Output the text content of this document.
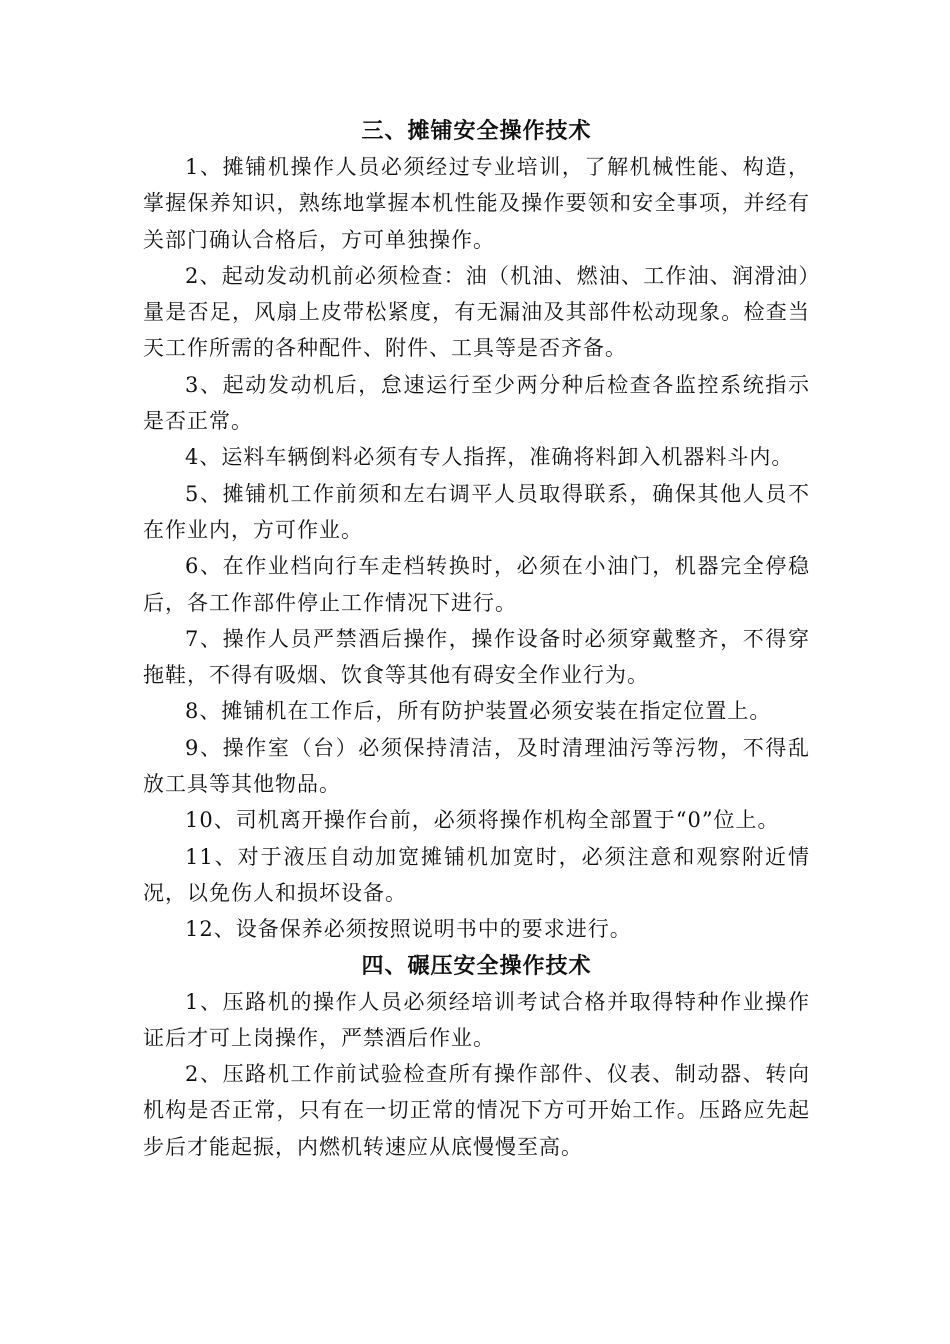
三、摊铺安全操作技术

1、摊铺机操作人员必须经过专业培训，了解机械性能、构造，掌握保养知识，熟练地掌握本机性能及操作要领和安全事项，并经有关部门确认合格后，方可单独操作。

2、起动发动机前必须检查：油（机油、燃油、工作油、润滑油）量是否足，风扇上皮带松紧度，有无漏油及其部件松动现象。检查当天工作所需的各种配件、附件、工具等是否齐备。

3、起动发动机后，怠速运行至少两分种后检查各监控系统指示是否正常。

4、运料车辆倒料必须有专人指挥，准确将料卸入机器料斗内。

5、摊铺机工作前须和左右调平人员取得联系，确保其他人员不在作业内，方可作业。

6、在作业档向行车走档转换时，必须在小油门，机器完全停稳后，各工作部件停止工作情况下进行。

7、操作人员严禁酒后操作，操作设备时必须穿戴整齐，不得穿拖鞋，不得有吸烟、饮食等其他有碍安全作业行为。

8、摊铺机在工作后，所有防护装置必须安装在指定位置上。

9、操作室（台）必须保持清洁，及时清理油污等污物，不得乱放工具等其他物品。

10、司机离开操作台前，必须将操作机构全部置于“0”位上。

11、对于液压自动加宽摊铺机加宽时，必须注意和观察附近情况，以免伤人和损坏设备。

12、设备保养必须按照说明书中的要求进行。

四、碾压安全操作技术

1、压路机的操作人员必须经培训考试合格并取得特种作业操作证后才可上岗操作，严禁酒后作业。

2、压路机工作前试验检查所有操作部件、仪表、制动器、转向机构是否正常，只有在一切正常的情况下方可开始工作。压路应先起步后才能起振，内燃机转速应从底慢慢至高。
